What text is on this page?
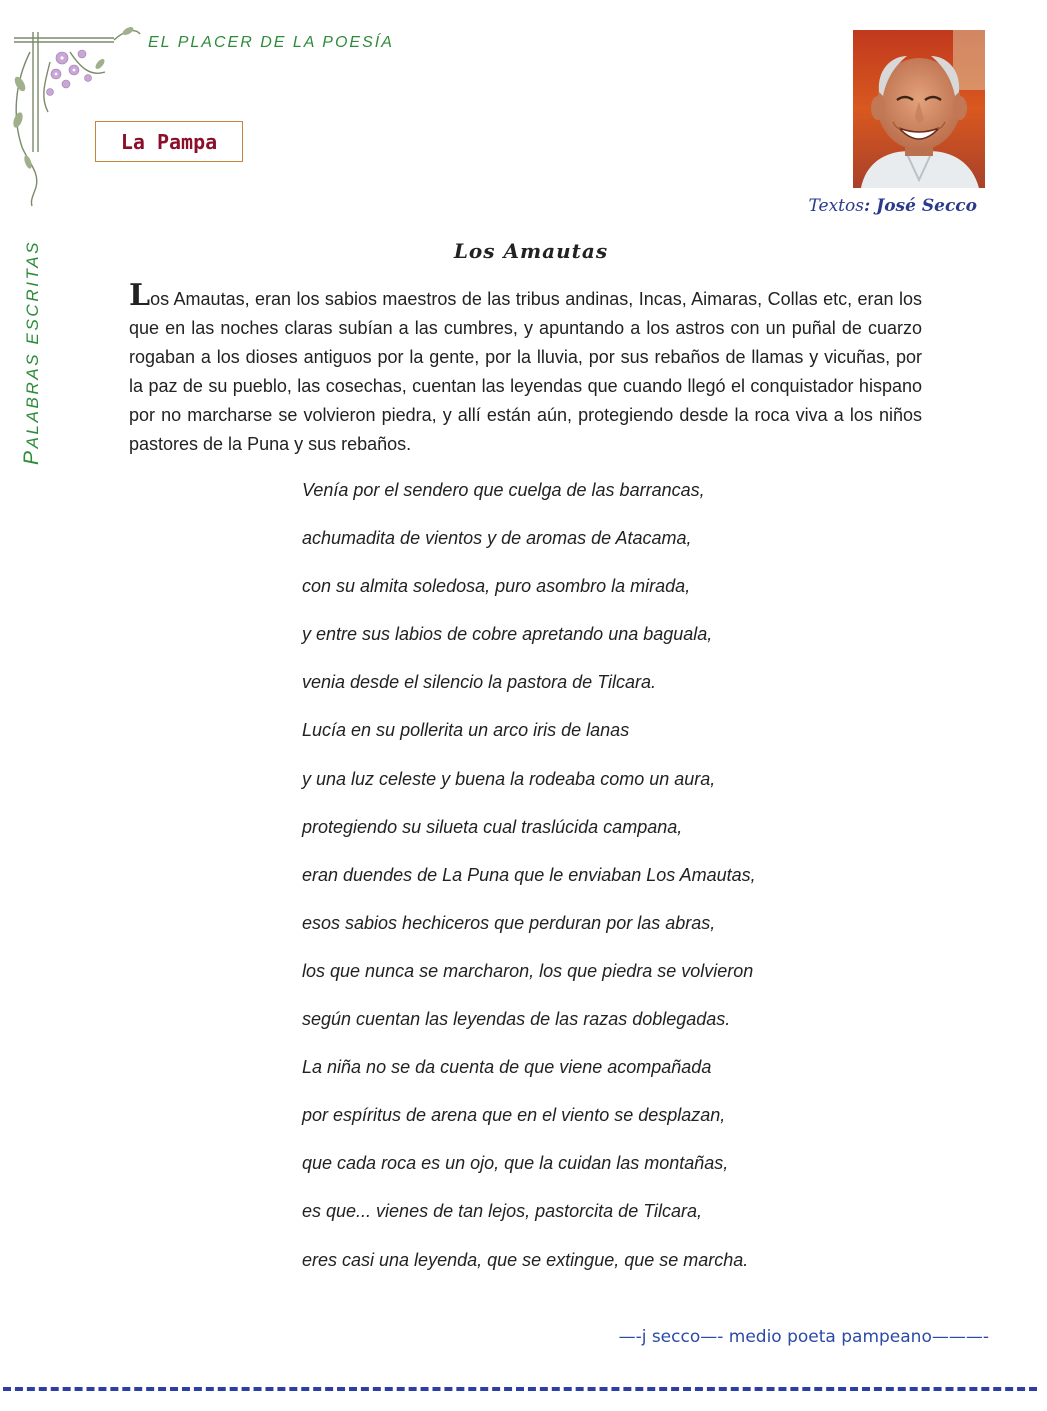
EL PLACER DE LA POESÍA
PALABRAS ESCRITAS
La Pampa
Textos: José Secco
Los Amautas

Los Amautas, eran los sabios maestros de las tribus andinas, Incas, Aimaras, Collas etc, eran los que en las noches claras subían a las cumbres, y apuntando a los astros con un puñal de cuarzo rogaban a los dioses antiguos por la gente, por la lluvia, por sus rebaños de llamas y vicuñas, por la paz de su pueblo, las cosechas, cuentan las leyendas que cuando llegó el conquistador hispano por no marcharse se volvieron piedra, y allí están aún, protegiendo desde la roca viva a los niños pastores de la Puna y sus rebaños.

Venía por el sendero que cuelga de las barrancas,
achumadita de vientos y de aromas de Atacama,
con su almita soledosa, puro asombro la mirada,
y entre sus labios de cobre apretando una baguala,
venia desde el silencio la pastora de Tilcara.
Lucía en su pollerita un arco iris de lanas
y una luz celeste y buena la rodeaba como un aura,
protegiendo su silueta cual traslúcida campana,
eran duendes de La Puna que le enviaban Los Amautas,
esos sabios hechiceros que perduran por las abras,
los que nunca se marcharon, los que piedra se volvieron
según cuentan las leyendas de las razas doblegadas.
La niña no se da cuenta de que viene acompañada
por espíritus de arena que en el viento se desplazan,
que cada roca es un ojo, que la cuidan las montañas,
es que... vienes de tan lejos, pastorcita de Tilcara,
eres casi una leyenda, que se extingue, que se marcha.
—-j secco—- medio poeta pampeano———-
